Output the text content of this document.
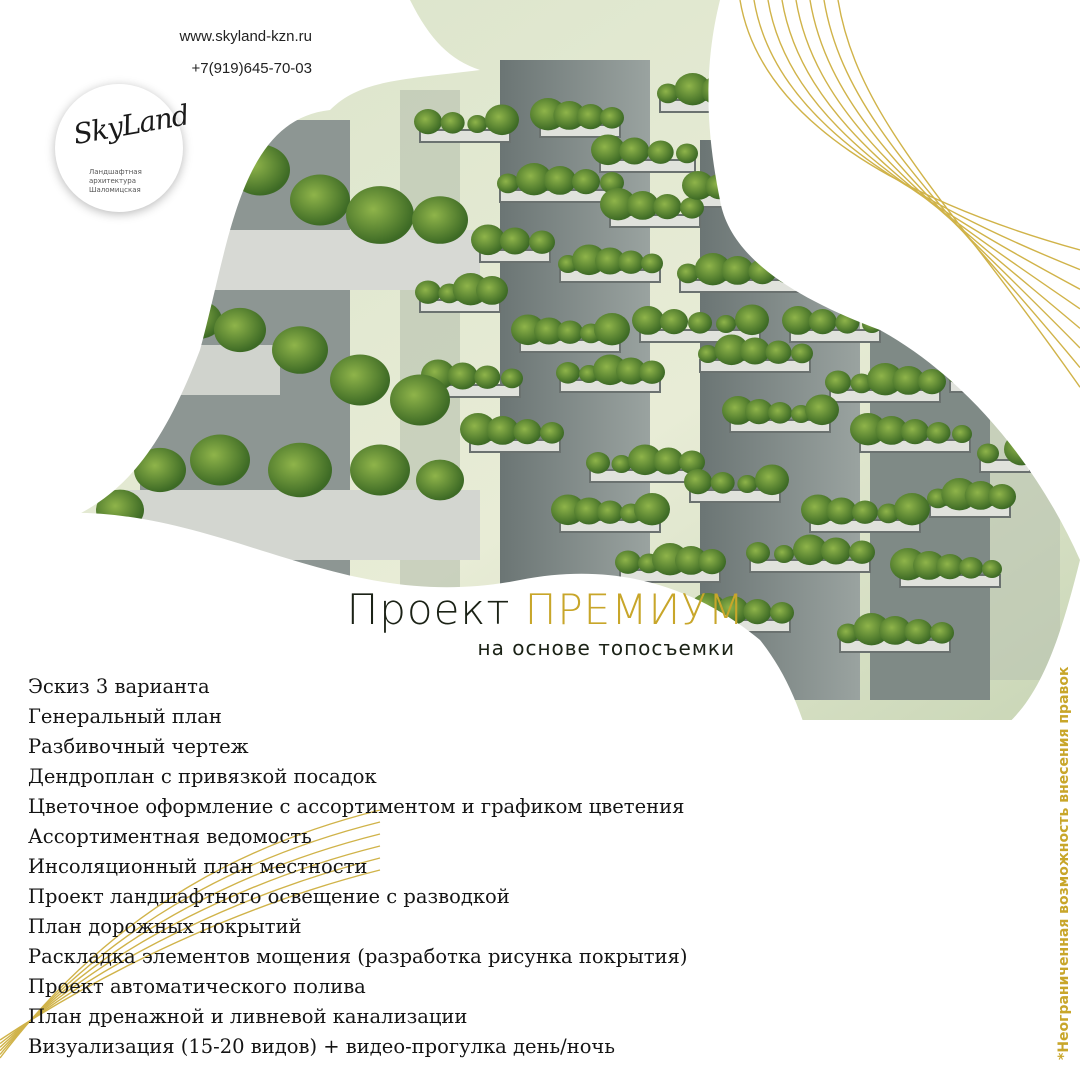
www.skyland-kzn.ru
+7(919)645-70-03
SkyLand
Ландшафтная архитектура Шаломицская
Проект ПРЕМИУМ
на основе топосъемки
Эскиз 3 варианта
Генеральный план
Разбивочный чертеж
Дендроплан с привязкой посадок
Цветочное оформление с ассортиментом и графиком цветения
Ассортиментная ведомость
Инсоляционный план местности
Проект ландшафтного освещение с разводкой
План дорожных покрытий
Раскладка элементов мощения (разработка рисунка покрытия)
Проект автоматического полива
План дренажной и ливневой канализации
Визуализация (15-20 видов) + видео-прогулка день/ночь	*Неограниченная возможность внесения правок
